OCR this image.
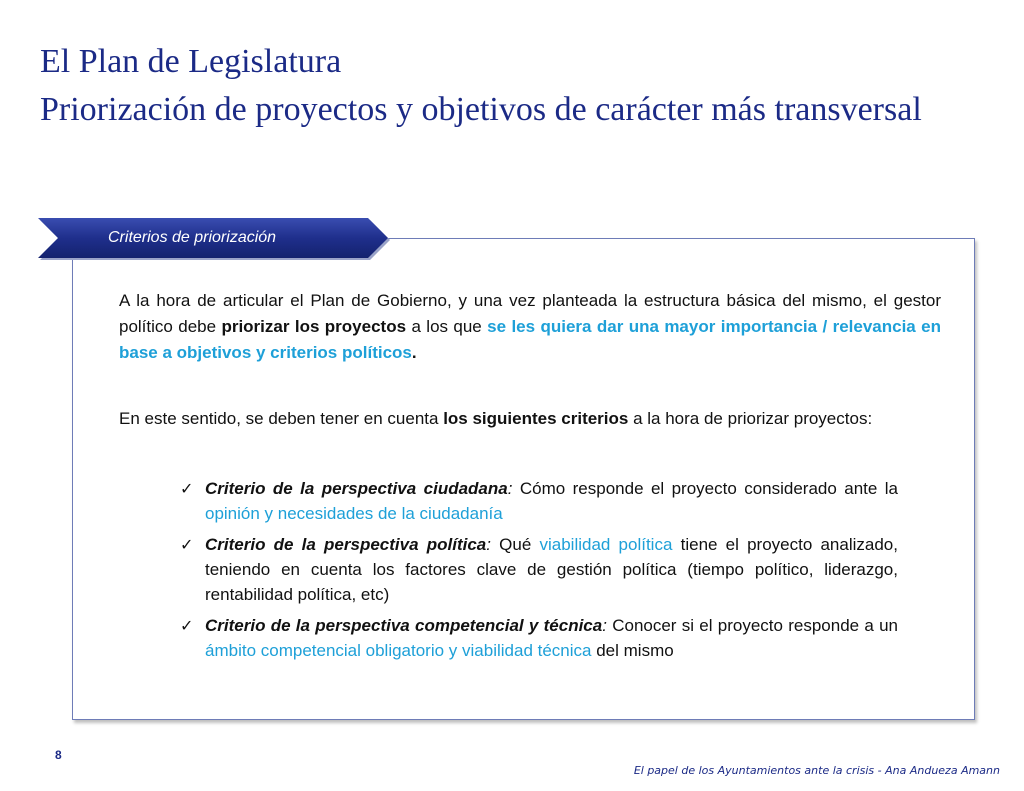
El Plan de Legislatura

Priorización de proyectos y objetivos de carácter más transversal
Criterios de priorización

A la hora de articular el Plan de Gobierno, y una vez planteada la estructura básica del mismo, el gestor político debe priorizar los proyectos a los que se les quiera dar una mayor importancia / relevancia en base a objetivos y criterios políticos.

En este sentido, se deben tener en cuenta los siguientes criterios a la hora de priorizar proyectos:

✓ Criterio de la perspectiva ciudadana: Cómo responde el proyecto considerado ante la opinión y necesidades de la ciudadanía
✓ Criterio de la perspectiva política: Qué viabilidad política tiene el proyecto analizado, teniendo en cuenta los factores clave de gestión política (tiempo político, liderazgo, rentabilidad política, etc)
✓ Criterio de la perspectiva competencial y técnica: Conocer si el proyecto responde a un ámbito competencial obligatorio y viabilidad técnica del mismo
8
El papel de los Ayuntamientos ante la crisis - Ana Andueza Amann
